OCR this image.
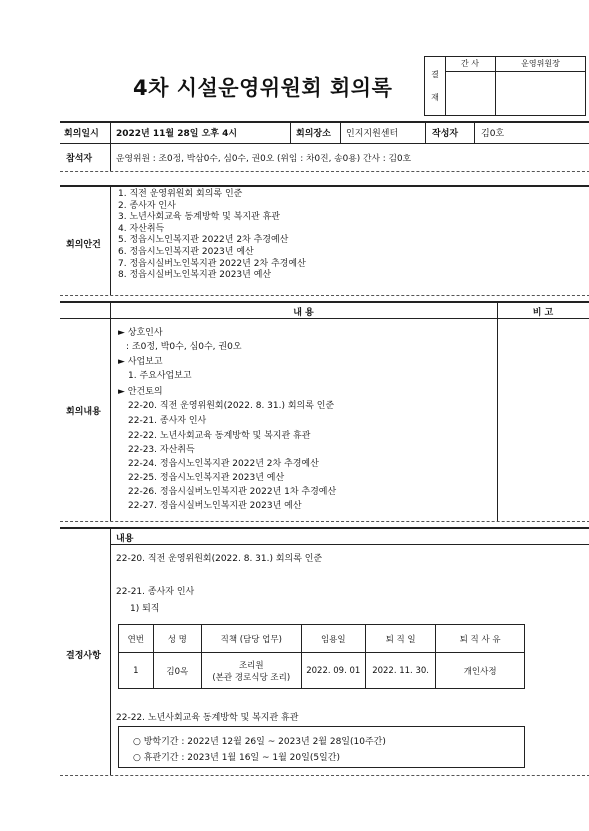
4차 시설운영위원회 회의록
결
재
간 사	운영위원장
회의일시 2022년 11월 28일 오후 4시	회의장소 인지지원센터	작성자	김0호
참석자	운영위원 : 조0정, 박삼0수, 심0수, 권0오 (위임 : 차0진, 송0용) 간사 : 김0호
회의안건
1. 직전 운영위원회 회의록 인준
2. 종사자 인사
3. 노년사회교육 동계방학 및 복지관 휴관
4. 자산취득
5. 정읍시노인복지관 2022년 2차 추경예산
6. 정읍시노인복지관 2023년 예산
7. 정읍시실버노인복지관 2022년 2차 추경예산
8. 정읍시실버노인복지관 2023년 예산
내 용	비 고
회의내용
► 상호인사
: 조0정, 박0수, 심0수, 권0오
► 사업보고
1. 주요사업보고
► 안건토의
22-20. 직전 운영위원회(2022. 8. 31.) 회의록 인준
22-21. 종사자 인사
22-22. 노년사회교육 동계방학 및 복지관 휴관
22-23. 자산취득
22-24. 정읍시노인복지관 2022년 2차 추경예산
22-25. 정읍시노인복지관 2023년 예산
22-26. 정읍시실버노인복지관 2022년 1차 추경예산
22-27. 정읍시실버노인복지관 2023년 예산
내용
결정사항
22-20. 직전 운영위원회(2022. 8. 31.) 회의록 인준
22-21. 종사자 인사
1) 퇴직
연번	성 명	직책 (담당 업무)	임용일	퇴 직 일	퇴 직 사 유
1	김0옥	조리원
(본관 경로식당 조리)	2022. 09. 01	2022. 11. 30.	개인사정
22-22. 노년사회교육 동계방학 및 복지관 휴관
○ 방학기간 : 2022년 12월 26일 ~ 2023년 2월 28일(10주간)
○ 휴관기간 : 2023년 1월 16일 ~ 1월 20일(5일간)
